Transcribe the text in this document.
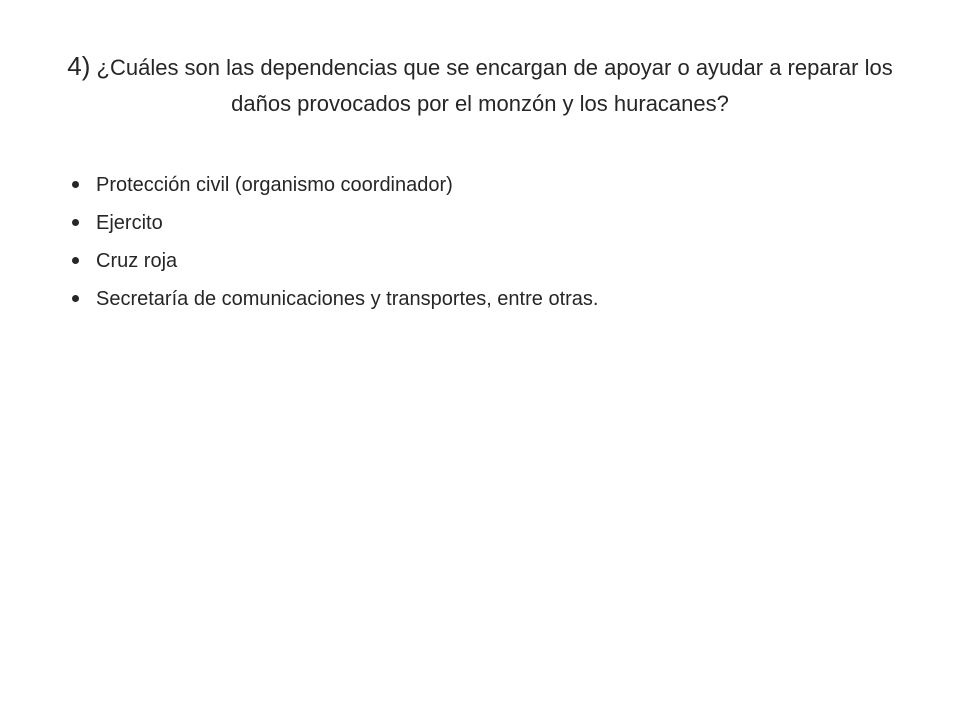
4) ¿Cuáles son las dependencias que se encargan de apoyar o ayudar a reparar los daños provocados por el monzón y los huracanes?
Protección civil (organismo coordinador)
Ejercito
Cruz roja
Secretaría de comunicaciones y transportes, entre otras.
